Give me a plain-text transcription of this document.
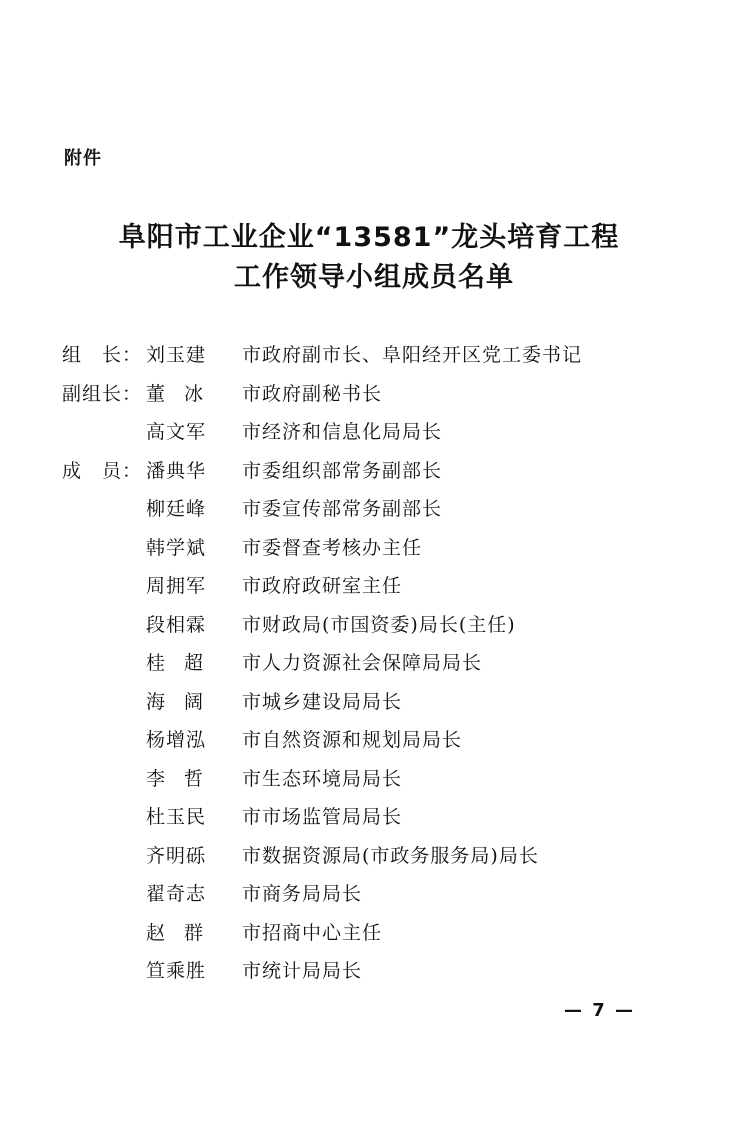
附件
阜阳市工业企业“13581”龙头培育工程
工作领导小组成员名单
组　长： 刘玉建	市政府副市长、阜阳经开区党工委书记
副组长： 董冰 市政府副秘书长
高文军	市经济和信息化局局长
成　员： 潘典华	市委组织部常务副部长
柳廷峰	市委宣传部常务副部长
韩学斌	市委督查考核办主任
周拥军	市政府政研室主任
段相霖	市财政局(市国资委)局长(主任)
桂超 市人力资源社会保障局局长
海阔 市城乡建设局局长
杨增泓	市自然资源和规划局局长
李哲 市生态环境局局长
杜玉民	市市场监管局局长
齐明砾	市数据资源局(市政务服务局)局长
翟奇志	市商务局局长
赵群 市招商中心主任
笪乘胜	市统计局局长
— 7 —
